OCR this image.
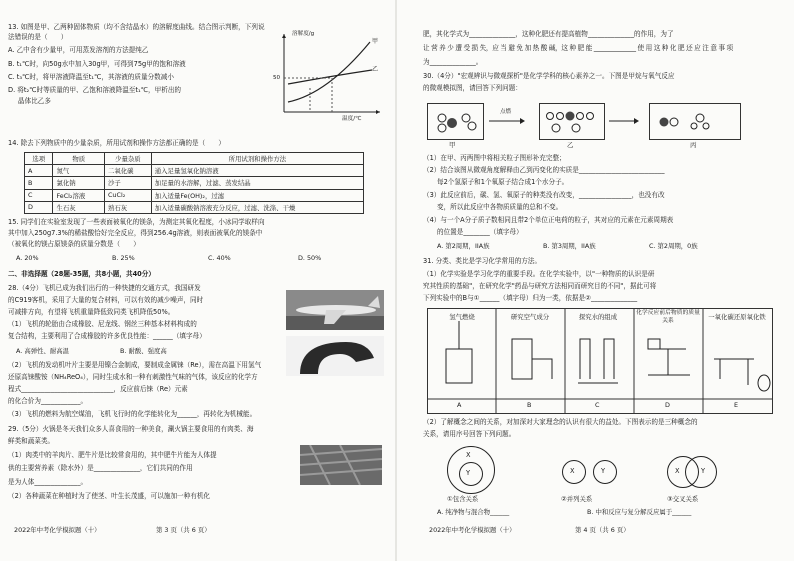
13. 如图是甲、乙两种固体物质（均不含结晶水）的溶解度曲线。结合图示判断，下列说
法错误的是（　　）
A. 乙中含有少量甲，可用蒸发溶剂的方法提纯乙
B. t₁℃时，向50g水中加入30g甲，可得到75g甲的饱和溶液
C. t₃℃时，将甲溶液降温至t₁℃，其溶液的质量分数减小
D. 将t₂℃时等质量的甲、乙饱和溶液降温至t₁℃，甲析出的
晶体比乙多
溶解度/g
温度/℃
50
甲
乙
14. 除去下列物质中的少量杂质，所用试剂和操作方法都正确的是（　　）
选项	物质	少量杂质	所用试剂和操作方法
A	氮气	二氧化碳	通入足量氢氧化钠溶液
B	氯化钠	沙子	加足量的水溶解，过滤、蒸发结晶
C	FeCl₂溶液	CuCl₂	加入适量Fe(OH)₂，过滤
D	生石灰	熟石灰	加入适量碳酸钠溶液充分反应，过滤、洗涤、干燥
15. 同学们在实验室发现了一些表面被氧化的镁条，为测定其氧化程度，小冰同学取样向
其中加入250g7.3%的稀盐酸恰好完全反应，得到256.4g溶液，则表面被氧化的镁条中
（被氧化的镁占原镁条的质量分数是（　　）
A. 20%	B. 25%	C. 40%	D. 50%
二、非选择题（28题-35题，共8小题，共40分）
28.（4分）飞机已成为我们出行的一种快捷的交通方式，我国研发
的C919客机，采用了大量的复合材料，可以有效的减少噪声，同时
可减排方向，有望将飞机重量降低致同类飞机降低50%。
（1）飞机的轮胎由合成橡胶、尼龙线、钢丝三种基本材料构成的
复合结构，主要利用了合成橡胶的许多优良性能：______（填字母）
A. 高弹性、耐高温	B. 耐酸、强度高
（2）飞机的发动机叶片主要是用镍合金制成，要制成金属铼（Re），需在高温下用氢气
还原高铼酸铵（NH₄ReO₄），同时生成水和一种有刺激性气味的气体，该反应的化学方
程式____________________________，反应前后铼（Re）元素
的化合价为____________。
（3）飞机的燃料为航空煤油，飞机飞行时的化学能转化为______，再转化为机械能。
29.（5分）火锅是冬天我们众多人喜食用的一种美食，涮火锅主要食用的有肉类、海
鲜类和蔬菜类。
（1）肉类中的羊肉片、肥牛片是比较常食用的，其中肥牛片能为人体提
供的主要营养素（除水外）是______________，它们共同的作用
是为人体______________。
（2）各种蔬菜在种植时为了使茎、叶生长茂盛，可以施加一种有机化
2022年中考化学模拟题（十）	第 3 页（共 6 页）
肥，其化学式为______________，这种化肥还有提高植物______________的作用，为了
让 营 养 少 遭 受 损 失，应 当 避 免 加 热 酸 碱，这 种 肥 能 ______________ 使 用 这 种 化 肥 还 应 注 意 事 项
为______________。
30.（4分）"宏观辨识与微观探析"是化学学科的核心素养之一。下图是甲烷与氧气反应
的微观模拟图，请回答下列问题：
点燃
甲	乙	丙
（1）在甲、丙两图中将相关粒子图形补充完整；
（2）结合该图从微观角度解释由乙到丙变化的实质是__________________________
每2个氢原子和1个氧原子结合成1个水分子。
（3）此反应前后，碳、氢、氧原子的种类没有改变，________________，也没有改
变，所以此反应中各物质质量的总和不变。
（4）与一个A分子质子数相同且带2个单位正电荷的粒子，其对应的元素在元素周期表
的位置是________（填字母）
A. 第2周期，IIA族	B. 第3周期，IIA族	C. 第2周期，0族
31. 分类、类比是学习化学常用的方法。
（1）化学实验是学习化学的重要手段。在化学实验中，以"一种物质的认识是研
究其性质的基础"，在研究化学"药品与研究方法相同而研究目的不同"，据此可将
下列实验中的B与①______（填字母）归为一类，依据是②______________
氢气燃烧	研究空气成分	探究水的组成	化学反应前后物质的质量关系	一氧化碳还原氧化铁
A	B	C	D	E
（2）了解概念之间的关系，对加深对大家理念的认识有很大的益处。下图表示的是三种概念的
关系，请用序号回答下列问题。
X
Y	X	Y	X	Y
①包含关系	②并列关系	③交叉关系
A. 纯净物与混合物______	B. 中和反应与复分解反应属于______
2022年中考化学模拟题（十）	第 4 页（共 6 页）
